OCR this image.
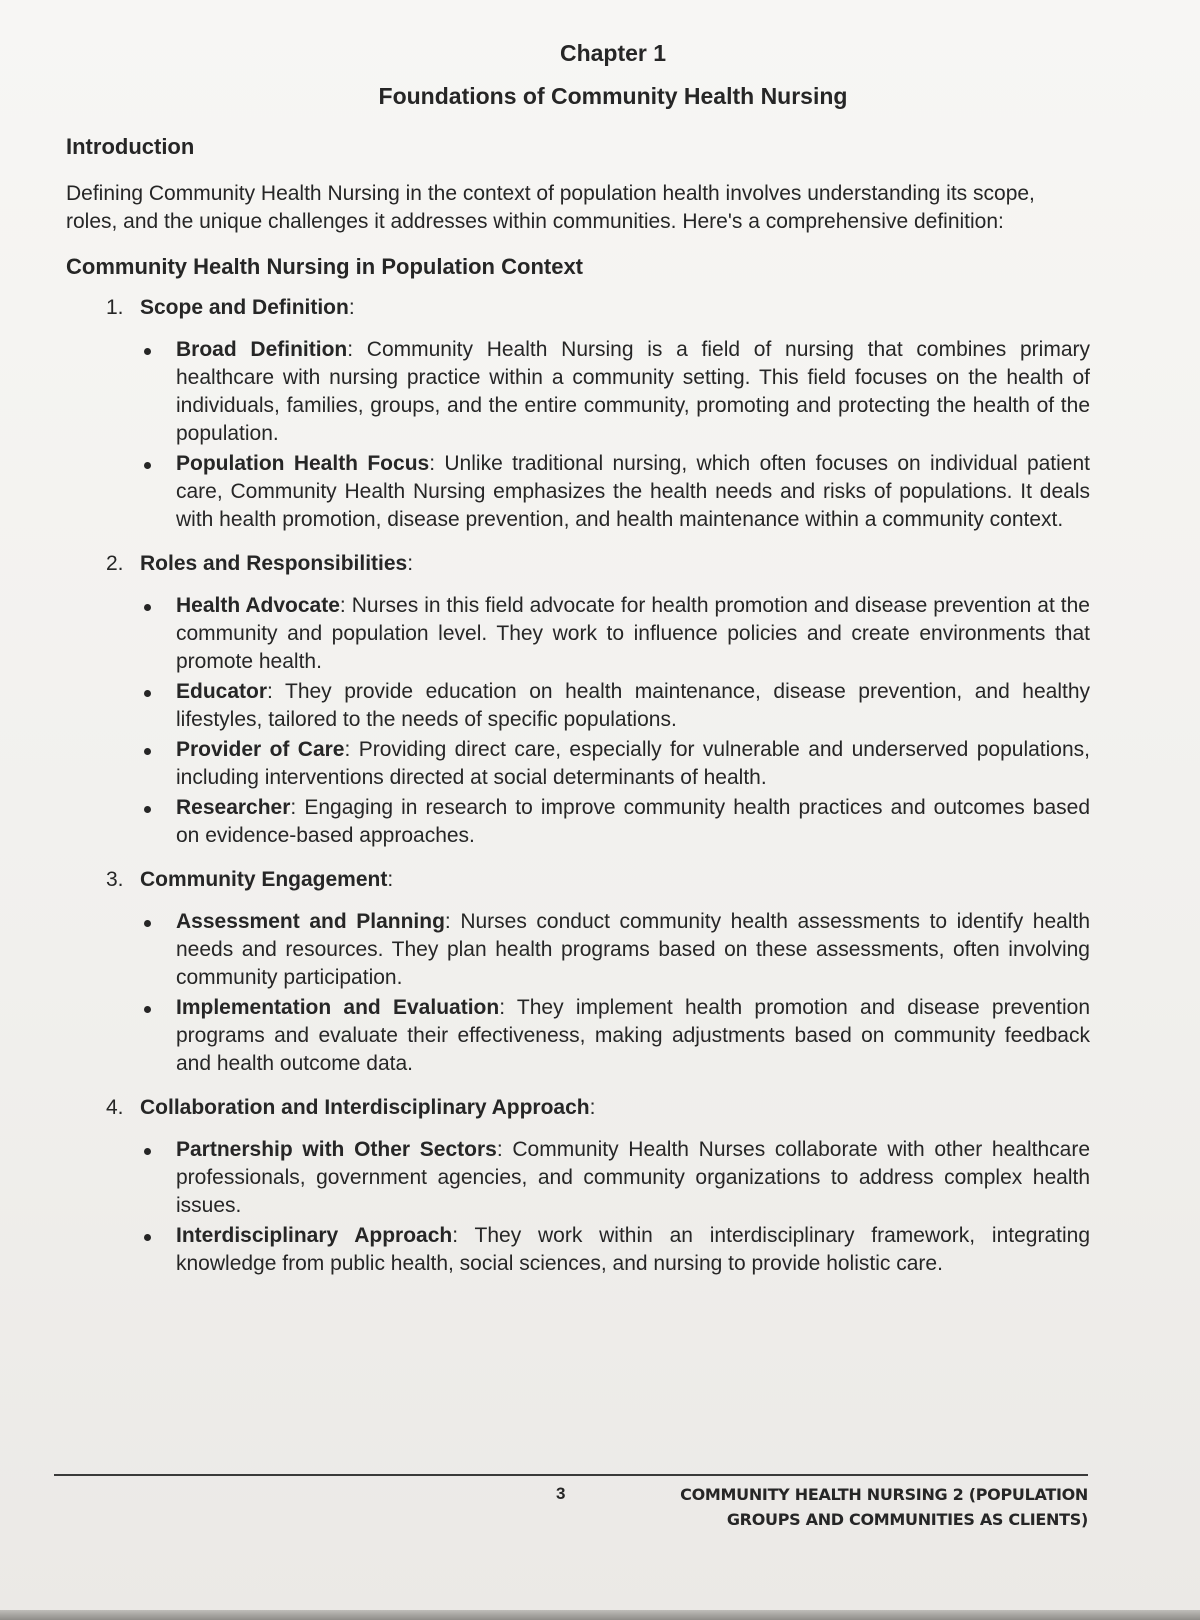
Chapter 1
Foundations of Community Health Nursing
Introduction

Defining Community Health Nursing in the context of population health involves understanding its scope, roles, and the unique challenges it addresses within communities. Here's a comprehensive definition:

Community Health Nursing in Population Context
1. Scope and Definition:
Broad Definition: Community Health Nursing is a field of nursing that combines primary healthcare with nursing practice within a community setting. This field focuses on the health of individuals, families, groups, and the entire community, promoting and protecting the health of the population.
Population Health Focus: Unlike traditional nursing, which often focuses on individual patient care, Community Health Nursing emphasizes the health needs and risks of populations. It deals with health promotion, disease prevention, and health maintenance within a community context.
2. Roles and Responsibilities:
Health Advocate: Nurses in this field advocate for health promotion and disease prevention at the community and population level. They work to influence policies and create environments that promote health.
Educator: They provide education on health maintenance, disease prevention, and healthy lifestyles, tailored to the needs of specific populations.
Provider of Care: Providing direct care, especially for vulnerable and underserved populations, including interventions directed at social determinants of health.
Researcher: Engaging in research to improve community health practices and outcomes based on evidence-based approaches.
3. Community Engagement:
Assessment and Planning: Nurses conduct community health assessments to identify health needs and resources. They plan health programs based on these assessments, often involving community participation.
Implementation and Evaluation: They implement health promotion and disease prevention programs and evaluate their effectiveness, making adjustments based on community feedback and health outcome data.
4. Collaboration and Interdisciplinary Approach:
Partnership with Other Sectors: Community Health Nurses collaborate with other healthcare professionals, government agencies, and community organizations to address complex health issues.
Interdisciplinary Approach: They work within an interdisciplinary framework, integrating knowledge from public health, social sciences, and nursing to provide holistic care.
3	COMMUNITY HEALTH NURSING 2 (POPULATION
GROUPS AND COMMUNITIES AS CLIENTS)
